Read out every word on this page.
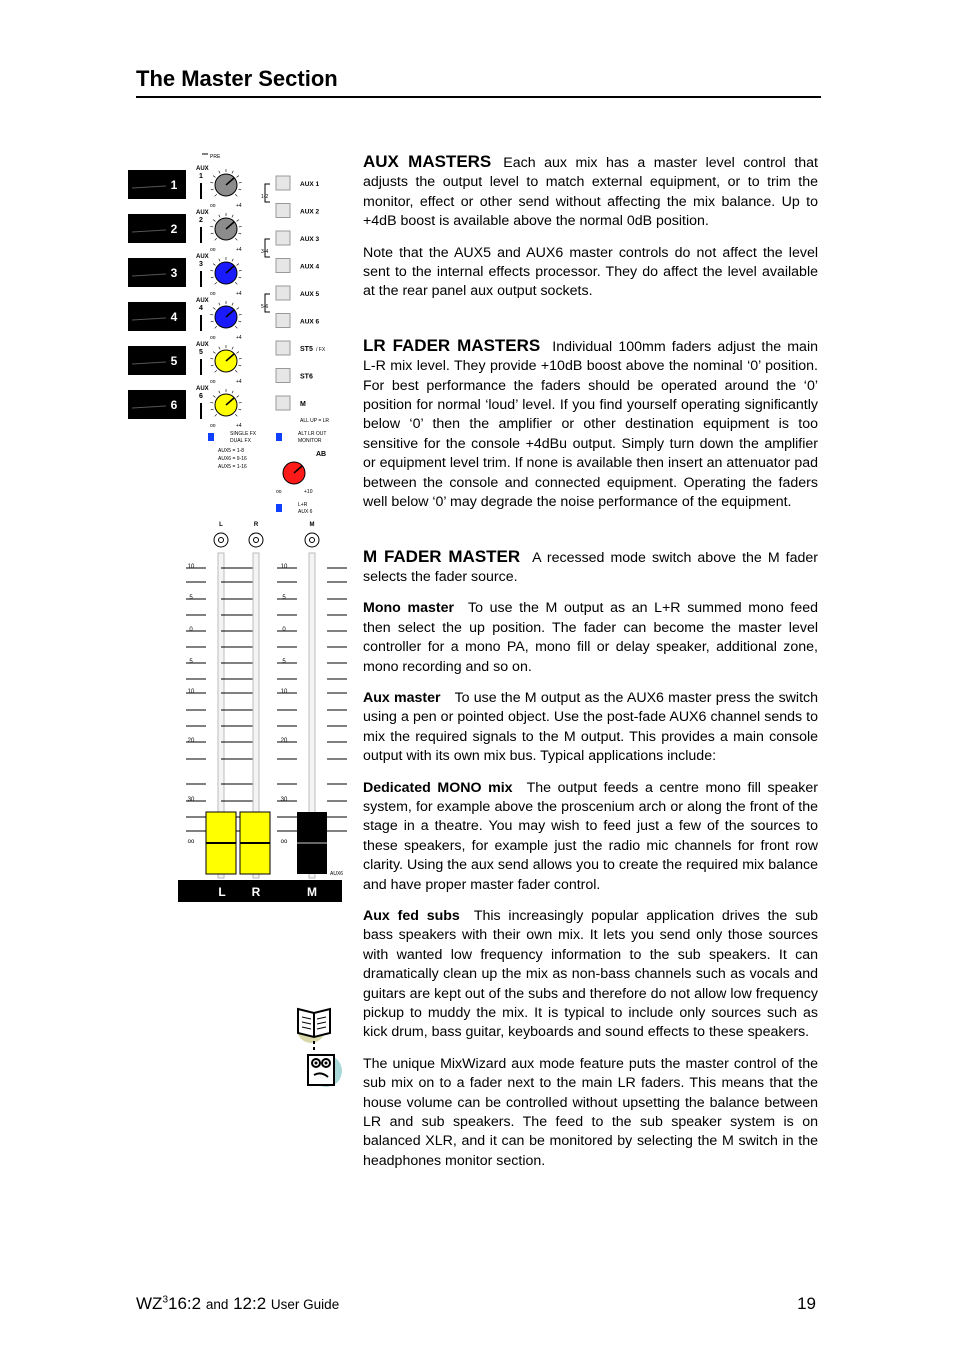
The Master Section
1
2
3
4
5
6
PRE
AUX
1
oo	+4
AUX
2
oo	+4
AUX
3
oo	+4
AUX
4
oo	+4
AUX
5
oo	+4
AUX
6
oo	+4
AUX 1
AUX 2
AUX 3
AUX 4
AUX 5
AUX 6
1-2
3-4
5-6
ST5
ST6
M
/ FX
ALL UP = LR
SINGLE FX
DUAL FX
AUX5 = 1-8
AUX6 = 9-16
AUX5 = 1-16
ALT LR OUT
MONITOR
AB
oo	+10
L+R
AUX 6
L	R	M
10	10
5	5
0	0
5	5
10	10
20	20
30	30
oo	oo
AUX6
L R	M

AUX MASTERS Each aux mix has a master level control that adjusts the output level to match external equipment, or to trim the monitor, effect or other send without affecting the mix balance. Up to +4dB boost is available above the normal 0dB position.

Note that the AUX5 and AUX6 master controls do not affect the level sent to the internal effects processor. They do affect the level available at the rear panel aux output sockets.

LR FADER MASTERS Individual 100mm faders adjust the main L-R mix level. They provide +10dB boost above the nominal ‘0’ position. For best performance the faders should be operated around the ‘0’ position for normal ‘loud’ level. If you find yourself operating significantly below ‘0’ then the amplifier or other destination equipment is too sensitive for the console +4dBu output. Simply turn down the amplifier or equipment level trim. If none is available then insert an attenuator pad between the console and connected equipment. Operating the faders well below ‘0’ may degrade the noise performance of the equipment.

M FADER MASTER A recessed mode switch above the M fader selects the fader source.

Mono master To use the M output as an L+R summed mono feed then select the up position. The fader can become the master level controller for a mono PA, mono fill or delay speaker, additional zone, mono recording and so on.

Aux master To use the M output as the AUX6 master press the switch using a pen or pointed object. Use the post-fade AUX6 channel sends to mix the required signals to the M output. This provides a main console output with its own mix bus. Typical applications include:

Dedicated MONO mix The output feeds a centre mono fill speaker system, for example above the proscenium arch or along the front of the stage in a theatre. You may wish to feed just a few of the sources to these speakers, for example just the radio mic channels for front row clarity. Using the aux send allows you to create the required mix balance and have proper master fader control.

Aux fed subs This increasingly popular application drives the sub bass speakers with their own mix. It lets you send only those sources with wanted low frequency information to the sub speakers. It can dramatically clean up the mix as non-bass channels such as vocals and guitars are kept out of the subs and therefore do not allow low frequency pickup to muddy the mix. It is typical to include only sources such as kick drum, bass guitar, keyboards and sound effects to these speakers.

The unique MixWizard aux mode feature puts the master control of the sub mix on to a fader next to the main LR faders. This means that the house volume can be controlled without upsetting the balance between LR and sub speakers. The feed to the sub speaker system is on balanced XLR, and it can be monitored by selecting the M switch in the headphones monitor section.

$WZ^316:2$ and 12:2 User Guide	19
